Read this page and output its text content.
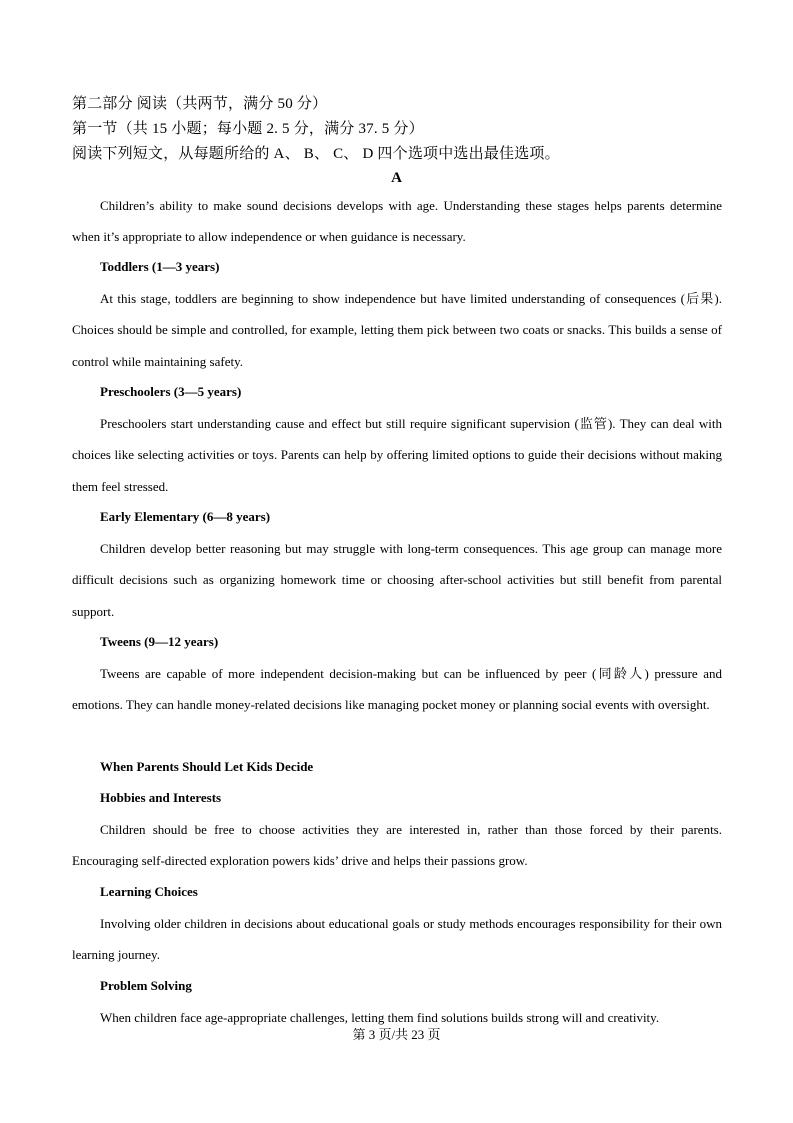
第二部分 阅读（共两节，满分 50 分）
第一节（共 15 小题；每小题 2. 5 分，满分 37. 5 分）
阅读下列短文，从每题所给的 A、 B、 C、 D 四个选项中选出最佳选项。
A

Children’s ability to make sound decisions develops with age. Understanding these stages helps parents determine when it’s appropriate to allow independence or when guidance is necessary.

Toddlers (1—3 years)

At this stage, toddlers are beginning to show independence but have limited understanding of consequences (后果). Choices should be simple and controlled, for example, letting them pick between two coats or snacks. This builds a sense of control while maintaining safety.

Preschoolers (3—5 years)

Preschoolers start understanding cause and effect but still require significant supervision (监管). They can deal with choices like selecting activities or toys. Parents can help by offering limited options to guide their decisions without making them feel stressed.

Early Elementary (6—8 years)

Children develop better reasoning but may struggle with long-term consequences. This age group can manage more difficult decisions such as organizing homework time or choosing after-school activities but still benefit from parental support.

Tweens (9—12 years)

Tweens are capable of more independent decision-making but can be influenced by peer (同龄人) pressure and emotions. They can handle money-related decisions like managing pocket money or planning social events with oversight.

When Parents Should Let Kids Decide
Hobbies and Interests

Children should be free to choose activities they are interested in, rather than those forced by their parents. Encouraging self-directed exploration powers kids’ drive and helps their passions grow.

Learning Choices

Involving older children in decisions about educational goals or study methods encourages responsibility for their own learning journey.

Problem Solving

When children face age-appropriate challenges, letting them find solutions builds strong will and creativity.

第 3 页/共 23 页
